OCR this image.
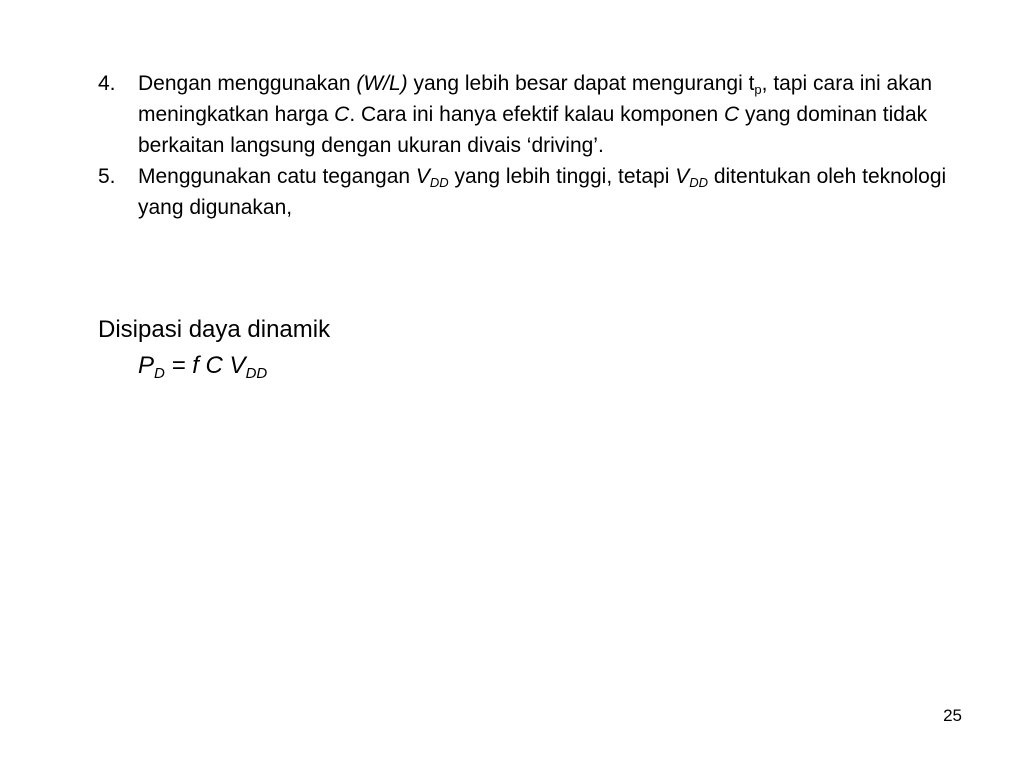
4. Dengan menggunakan (W/L) yang lebih besar dapat mengurangi $t_p$, tapi cara ini akan meningkatkan harga C. Cara ini hanya efektif kalau komponen C yang dominan tidak berkaitan langsung dengan ukuran divais ‘driving’.
5. Menggunakan catu tegangan $V_{DD}$ yang lebih tinggi, tetapi $V_{DD}$ ditentukan oleh teknologi yang digunakan,
Disipasi daya dinamik
$P_D = f$ C $V_{DD}$
25
